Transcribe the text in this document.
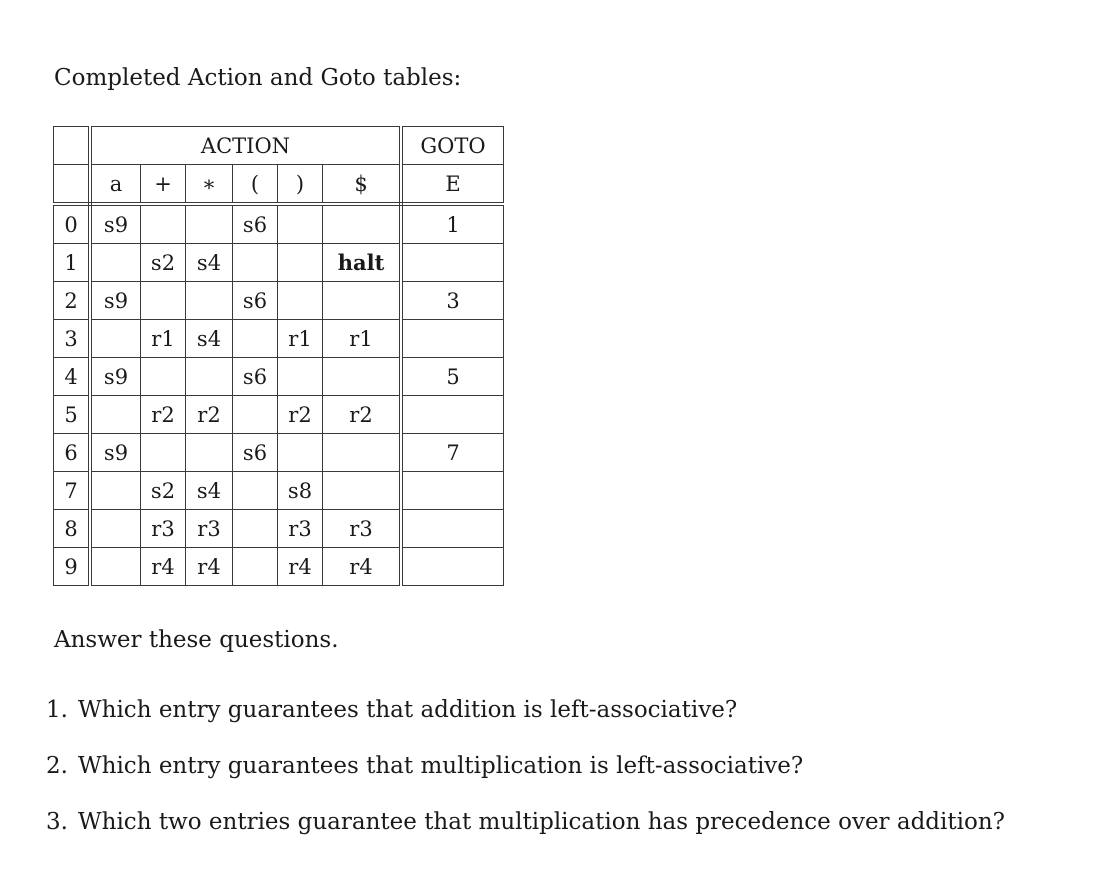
Completed Action and Goto tables:
	ACTION						GOTO
	a	+	∗	(	)	$	E
0	s9			s6			1
1		s2	s4			halt	
2	s9			s6			3
3		r1	s4		r1	r1	
4	s9			s6			5
5		r2	r2		r2	r2	
6	s9			s6			7
7		s2	s4		s8		
8		r3	r3		r3	r3	
9		r4	r4		r4	r4	
Answer these questions.
1. Which entry guarantees that addition is left-associative?
2. Which entry guarantees that multiplication is left-associative?
3. Which two entries guarantee that multiplication has precedence over addition?
